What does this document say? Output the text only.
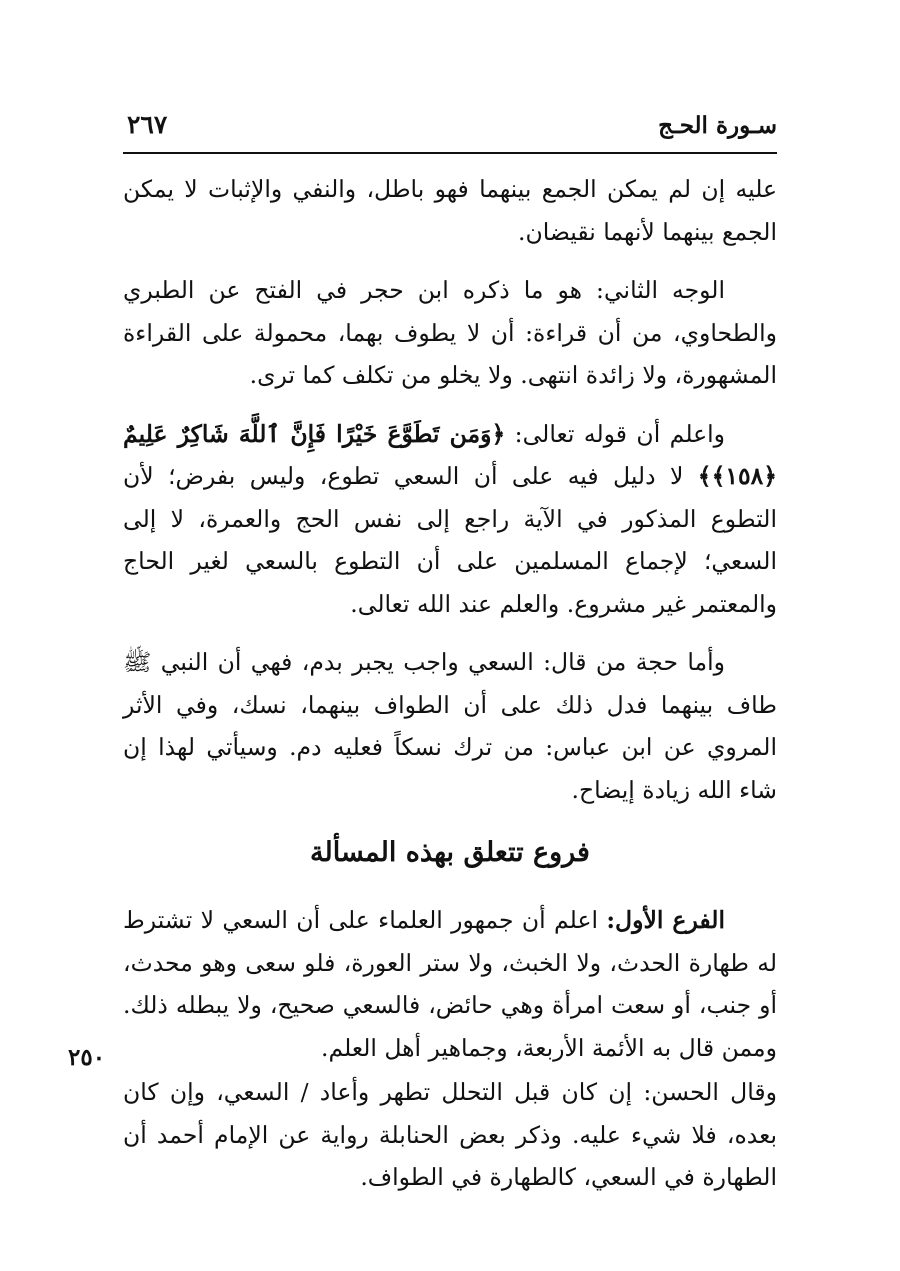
سـورة الحـج
٢٦٧

عليه إن لم يمكن الجمع بينهما فهو باطل، والنفي والإثبات لا يمكن الجمع بينهما لأنهما نقيضان.

الوجه الثاني: هو ما ذكره ابن حجر في الفتح عن الطبري والطحاوي، من أن قراءة: أن لا يطوف بهما، محمولة على القراءة المشهورة، ولا زائدة انتهى. ولا يخلو من تكلف كما ترى.

واعلم أن قوله تعالى: ﴿وَمَن تَطَوَّعَ خَيْرًا فَإِنَّ ٱللَّهَ شَاكِرٌ عَلِيمٌ ﴿١٥٨﴾﴾ لا دليل فيه على أن السعي تطوع، وليس بفرض؛ لأن التطوع المذكور في الآية راجع إلى نفس الحج والعمرة، لا إلى السعي؛ لإجماع المسلمين على أن التطوع بالسعي لغير الحاج والمعتمر غير مشروع. والعلم عند الله تعالى.

وأما حجة من قال: السعي واجب يجبر بدم، فهي أن النبي ﷺ طاف بينهما فدل ذلك على أن الطواف بينهما، نسك، وفي الأثر المروي عن ابن عباس: من ترك نسكاً فعليه دم. وسيأتي لهذا إن شاء الله زيادة إيضاح.

فروع تتعلق بهذه المسألة

الفرع الأول: اعلم أن جمهور العلماء على أن السعي لا تشترط له طهارة الحدث، ولا الخبث، ولا ستر العورة، فلو سعى وهو محدث، أو جنب، أو سعت امرأة وهي حائض، فالسعي صحيح، ولا يبطله ذلك. وممن قال به الأئمة الأربعة، وجماهير أهل العلم.

وقال الحسن: إن كان قبل التحلل تطهر وأعاد / السعي، وإن كان بعده، فلا شيء عليه. وذكر بعض الحنابلة رواية عن الإمام أحمد أن الطهارة في السعي، كالطهارة في الطواف.

٢٥٠
